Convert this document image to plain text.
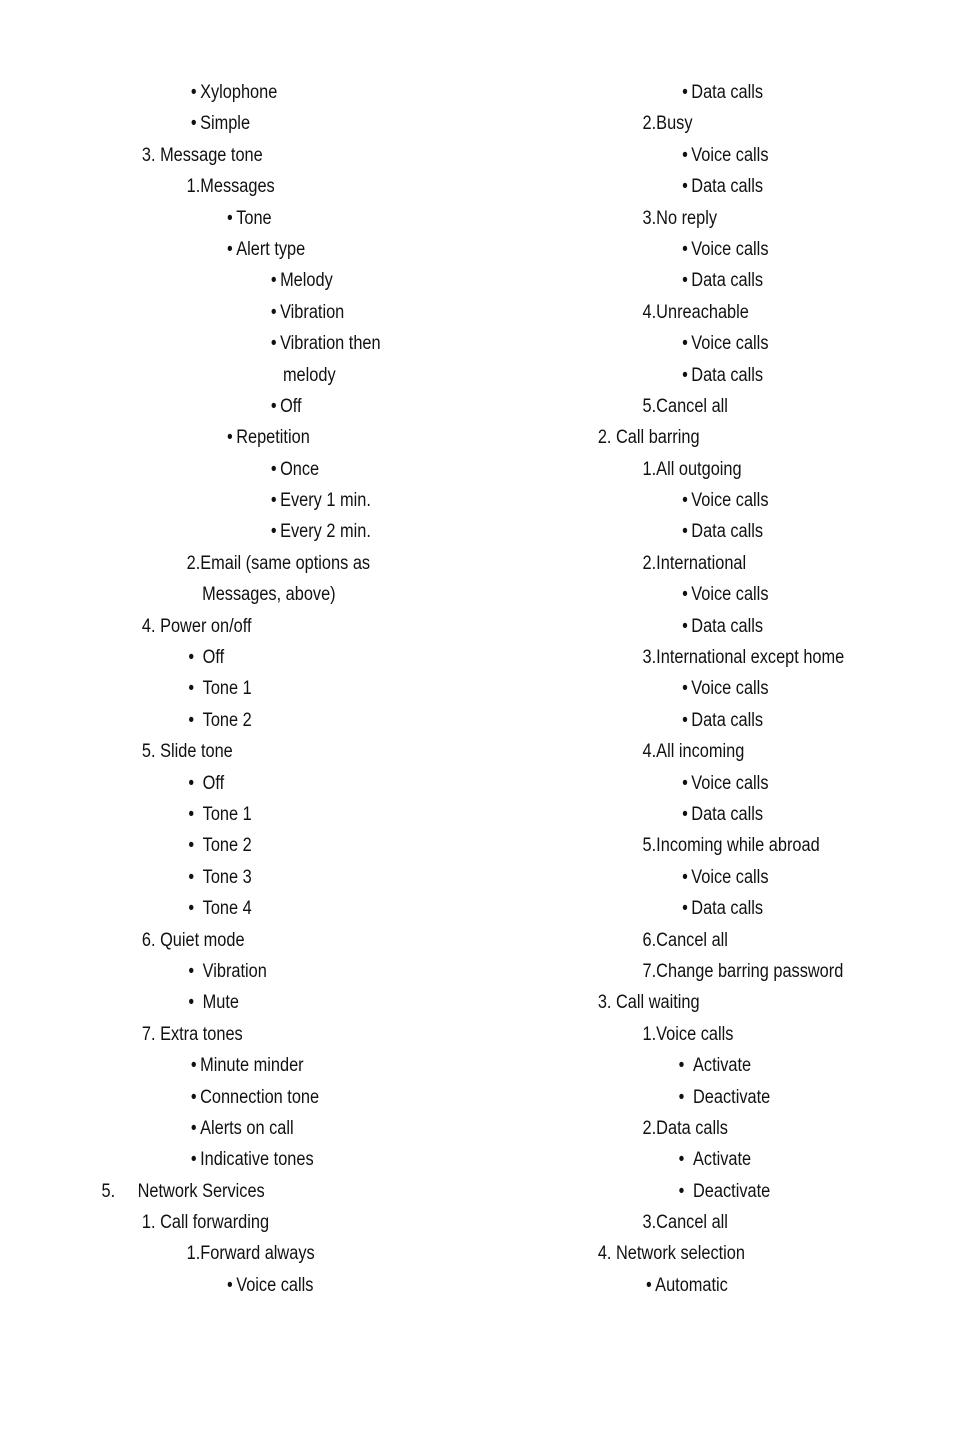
• Xylophone
• Simple
3. Message tone
1.Messages
• Tone
• Alert type
• Melody
• Vibration
• Vibration then
melody
• Off
• Repetition
• Once
• Every 1 min.
• Every 2 min.
2.Email (same options as
Messages, above)
4. Power on/off
• Off
• Tone 1
• Tone 2
5. Slide tone
• Off
• Tone 1
• Tone 2
• Tone 3
• Tone 4
6. Quiet mode
• Vibration
• Mute
7. Extra tones
• Minute minder
• Connection tone
• Alerts on call
• Indicative tones
5. Network Services
1. Call forwarding
1.Forward always
• Voice calls
• Data calls
2.Busy
• Voice calls
• Data calls
3.No reply
• Voice calls
• Data calls
4.Unreachable
• Voice calls
• Data calls
5.Cancel all
2. Call barring
1.All outgoing
• Voice calls
• Data calls
2.International
• Voice calls
• Data calls
3.International except home
• Voice calls
• Data calls
4.All incoming
• Voice calls
• Data calls
5.Incoming while abroad
• Voice calls
• Data calls
6.Cancel all
7.Change barring password
3. Call waiting
1.Voice calls
• Activate
• Deactivate
2.Data calls
• Activate
• Deactivate
3.Cancel all
4. Network selection
• Automatic
